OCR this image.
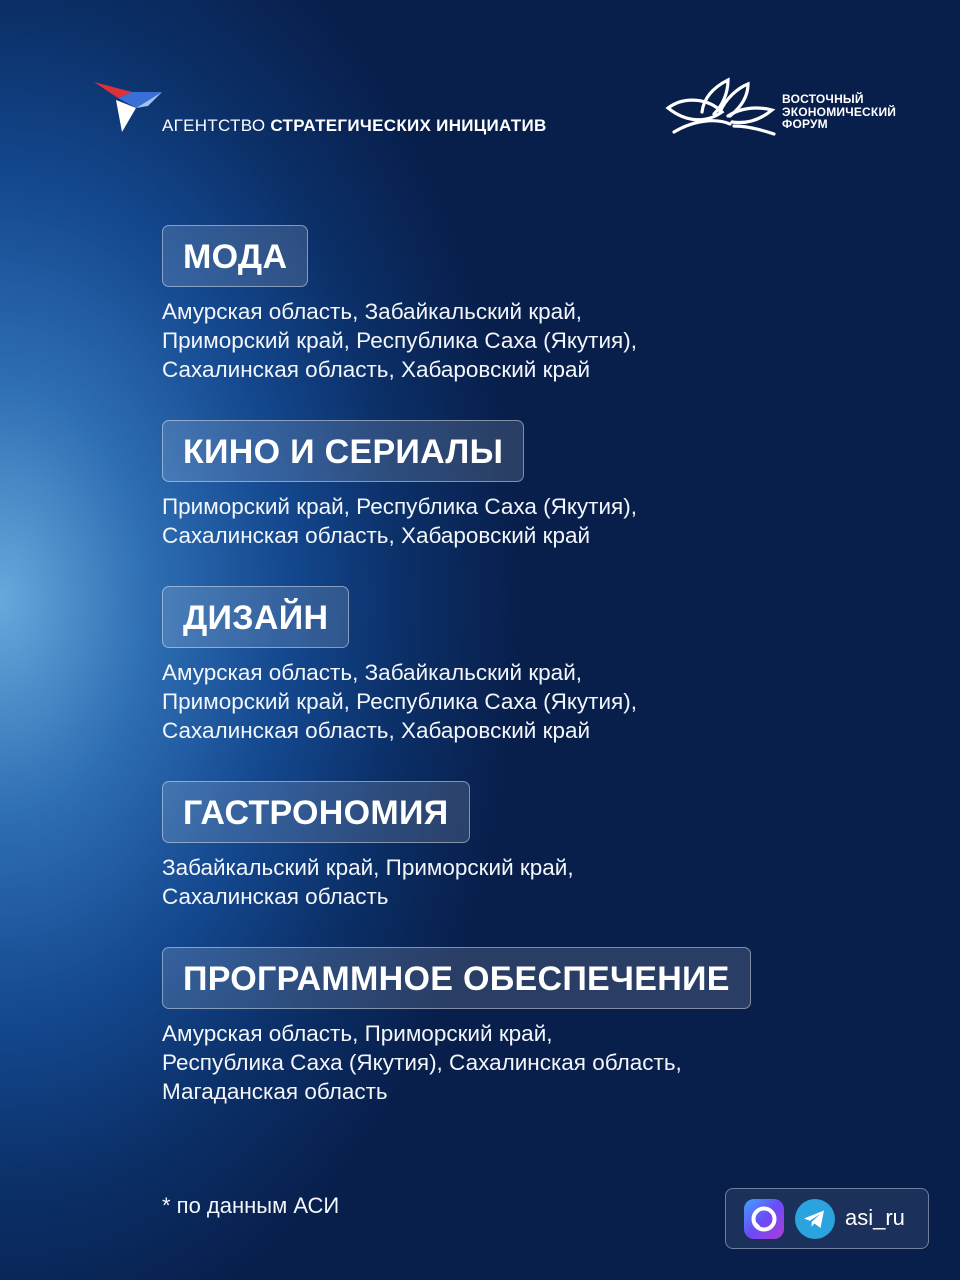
АГЕНТСТВО СТРАТЕГИЧЕСКИХ ИНИЦИАТИВ
ВОСТОЧНЫЙ
ЭКОНОМИЧЕСКИЙ
ФОРУМ
МОДА
Амурская область, Забайкальский край,
Приморский край, Республика Саха (Якутия),
Сахалинская область, Хабаровский край
КИНО И СЕРИАЛЫ
Приморский край, Республика Саха (Якутия),
Сахалинская область, Хабаровский край
ДИЗАЙН
Амурская область, Забайкальский край,
Приморский край, Республика Саха (Якутия),
Сахалинская область, Хабаровский край
ГАСТРОНОМИЯ
Забайкальский край, Приморский край,
Сахалинская область
ПРОГРАММНОЕ ОБЕСПЕЧЕНИЕ
Амурская область, Приморский край,
Республика Саха (Якутия), Сахалинская область,
Магаданская область
* по данным АСИ	asi_ru
